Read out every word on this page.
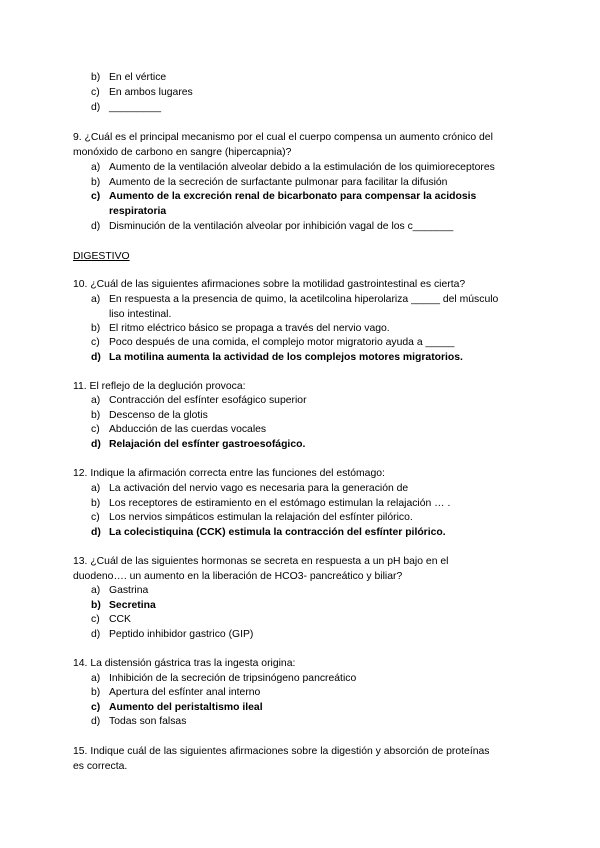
b) En el vértice
c) En ambos lugares
d) _________
9. ¿Cuál es el principal mecanismo por el cual el cuerpo compensa un aumento crónico del
monóxido de carbono en sangre (hipercapnia)?
a) Aumento de la ventilación alveolar debido a la estimulación de los quimioreceptores
b) Aumento de la secreción de surfactante pulmonar para facilitar la difusión
c) Aumento de la excreción renal de bicarbonato para compensar la acidosis
respiratoria
d) Disminución de la ventilación alveolar por inhibición vagal de los c_______
DIGESTIVO
10. ¿Cuál de las siguientes afirmaciones sobre la motilidad gastrointestinal es cierta?
a) En respuesta a la presencia de quimo, la acetilcolina hiperolariza _____ del músculo
liso intestinal.
b) El ritmo eléctrico básico se propaga a través del nervio vago.
c) Poco después de una comida, el complejo motor migratorio ayuda a _____
d) La motilina aumenta la actividad de los complejos motores migratorios.
11. El reflejo de la deglución provoca:
a) Contracción del esfínter esofágico superior
b) Descenso de la glotis
c) Abducción de las cuerdas vocales
d) Relajación del esfínter gastroesofágico.
12. Indique la afirmación correcta entre las funciones del estómago:
a) La activación del nervio vago es necesaria para la generación de
b) Los receptores de estiramiento en el estómago estimulan la relajación … .
c) Los nervios simpáticos estimulan la relajación del esfínter pilórico.
d) La colecistiquina (CCK) estimula la contracción del esfínter pilórico.
13. ¿Cuál de las siguientes hormonas se secreta en respuesta a un pH bajo en el
duodeno…. un aumento en la liberación de HCO3- pancreático y biliar?
a) Gastrina
b) Secretina
c) CCK
d) Peptido inhibidor gastrico (GIP)
14. La distensión gástrica tras la ingesta origina:
a) Inhibición de la secreción de tripsinógeno pancreático
b) Apertura del esfínter anal interno
c) Aumento del peristaltismo ileal
d) Todas son falsas
15. Indique cuál de las siguientes afirmaciones sobre la digestión y absorción de proteínas
es correcta.
